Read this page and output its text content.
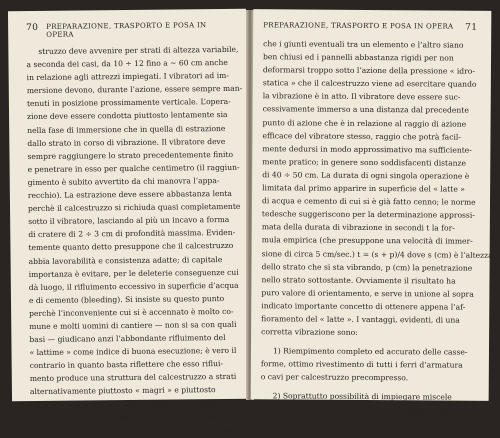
70 PREPARAZIONE, TRASPORTO E POSA IN OPERA
struzzo deve avvenire per strati di altezza variabile,
a seconda dei casi, da 10 ÷ 12 fino a ∼ 60 cm anche
in relazione agli attrezzi impiegati. I vibratori ad im-
mersione devono, durante l’azione, essere sempre man-
tenuti in posizione prossimamente verticale. L’opera-
zione deve essere condotta piuttosto lentamente sia
nella fase di immersione che in quella di estrazione
dallo strato in corso di vibrazione. Il vibratore deve
sempre raggiungere lo strato precedentemente finito
e penetrare in esso per qualche centimetro (il raggiun-
gimento è subito avvertito da chi manovra l’appa-
recchio). La estrazione deve essere abbastanza lenta
perchè il calcestruzzo si richiuda quasi completamente
sotto il vibratore, lasciando al più un incavo a forma
di cratere di 2 ÷ 3 cm di profondità massima. Eviden-
temente quanto detto presuppone che il calcestruzzo
abbia lavorabilità e consistenza adatte; di capitale
importanza è evitare, per le deleterie conseguenze cui
dà luogo, il rifluimento eccessivo in superficie d’acqua
e di cemento (bleeding). Si insiste su questo punto
perchè l’inconveniente cui si è accennato è molto co-
mune e molti uomini di cantiere — non si sa con quali
basi — giudicano anzi l’abbondante rifluimento del
« lattime » come indice di buona esecuzione; è vero il
contrario in quanto basta riflettere che esso riflui-
mento produce una struttura del calcestruzzo a strati
alternativamente piuttosto « magri » e piuttosto
« grassi » a grave danno della uniformità. Vogliamo
qui ripetere che è necessario le casseforme siano non
solo robuste ma curate in modo particolare, di guisa
PREPARAZIONE, TRASPORTO E POSA IN OPERA 71
che i giunti eventuali tra un elemento e l’altro siano
ben chiusi ed i pannelli abbastanza rigidi per non
deformarsi troppo sotto l’azione della pressione « idro-
statica » che il calcestruzzo viene ad esercitare quando
la vibrazione è in atto. Il vibratore deve essere suc-
cessivamente immerso a una distanza dal precedente
punto di azione che è in relazione al raggio di azione
efficace del vibratore stesso, raggio che potrà facil-
mente dedursi in modo approssimativo ma sufficiente-
mente pratico; in genere sono soddisfacenti distanze
di 40 ÷ 50 cm. La durata di ogni singola operazione è
limitata dal primo apparire in superficie del « latte »
di acqua e cemento di cui si è già fatto cenno; le norme
tedesche suggeriscono per la determinazione approssi-
mata della durata di vibrazione in secondi t la for-
mula empirica (che presuppone una velocità di immer-
sione di circa 5 cm/sec.) t = (s + p)/4 dove s (cm) è l’altezza
dello strato che si sta vibrando, p (cm) la penetrazione
nello strato sottostante. Ovviamente il risultato ha
puro valore di orientamento, e serve in unione al sopra
indicato importante concetto di ottenere appena l’af-
fioramento del « latte ». I vantaggi, evidenti, di una
corretta vibrazione sono:
1) Riempimento completo ed accurato delle casse-
forme, ottimo rivestimento di tutti i ferri d’armatura
o cavi per calcestruzzo precompresso.
2) Soprattutto possibilità di impiegare miscele
con contenuto d’acqua notevolmente ridotto rispetto
